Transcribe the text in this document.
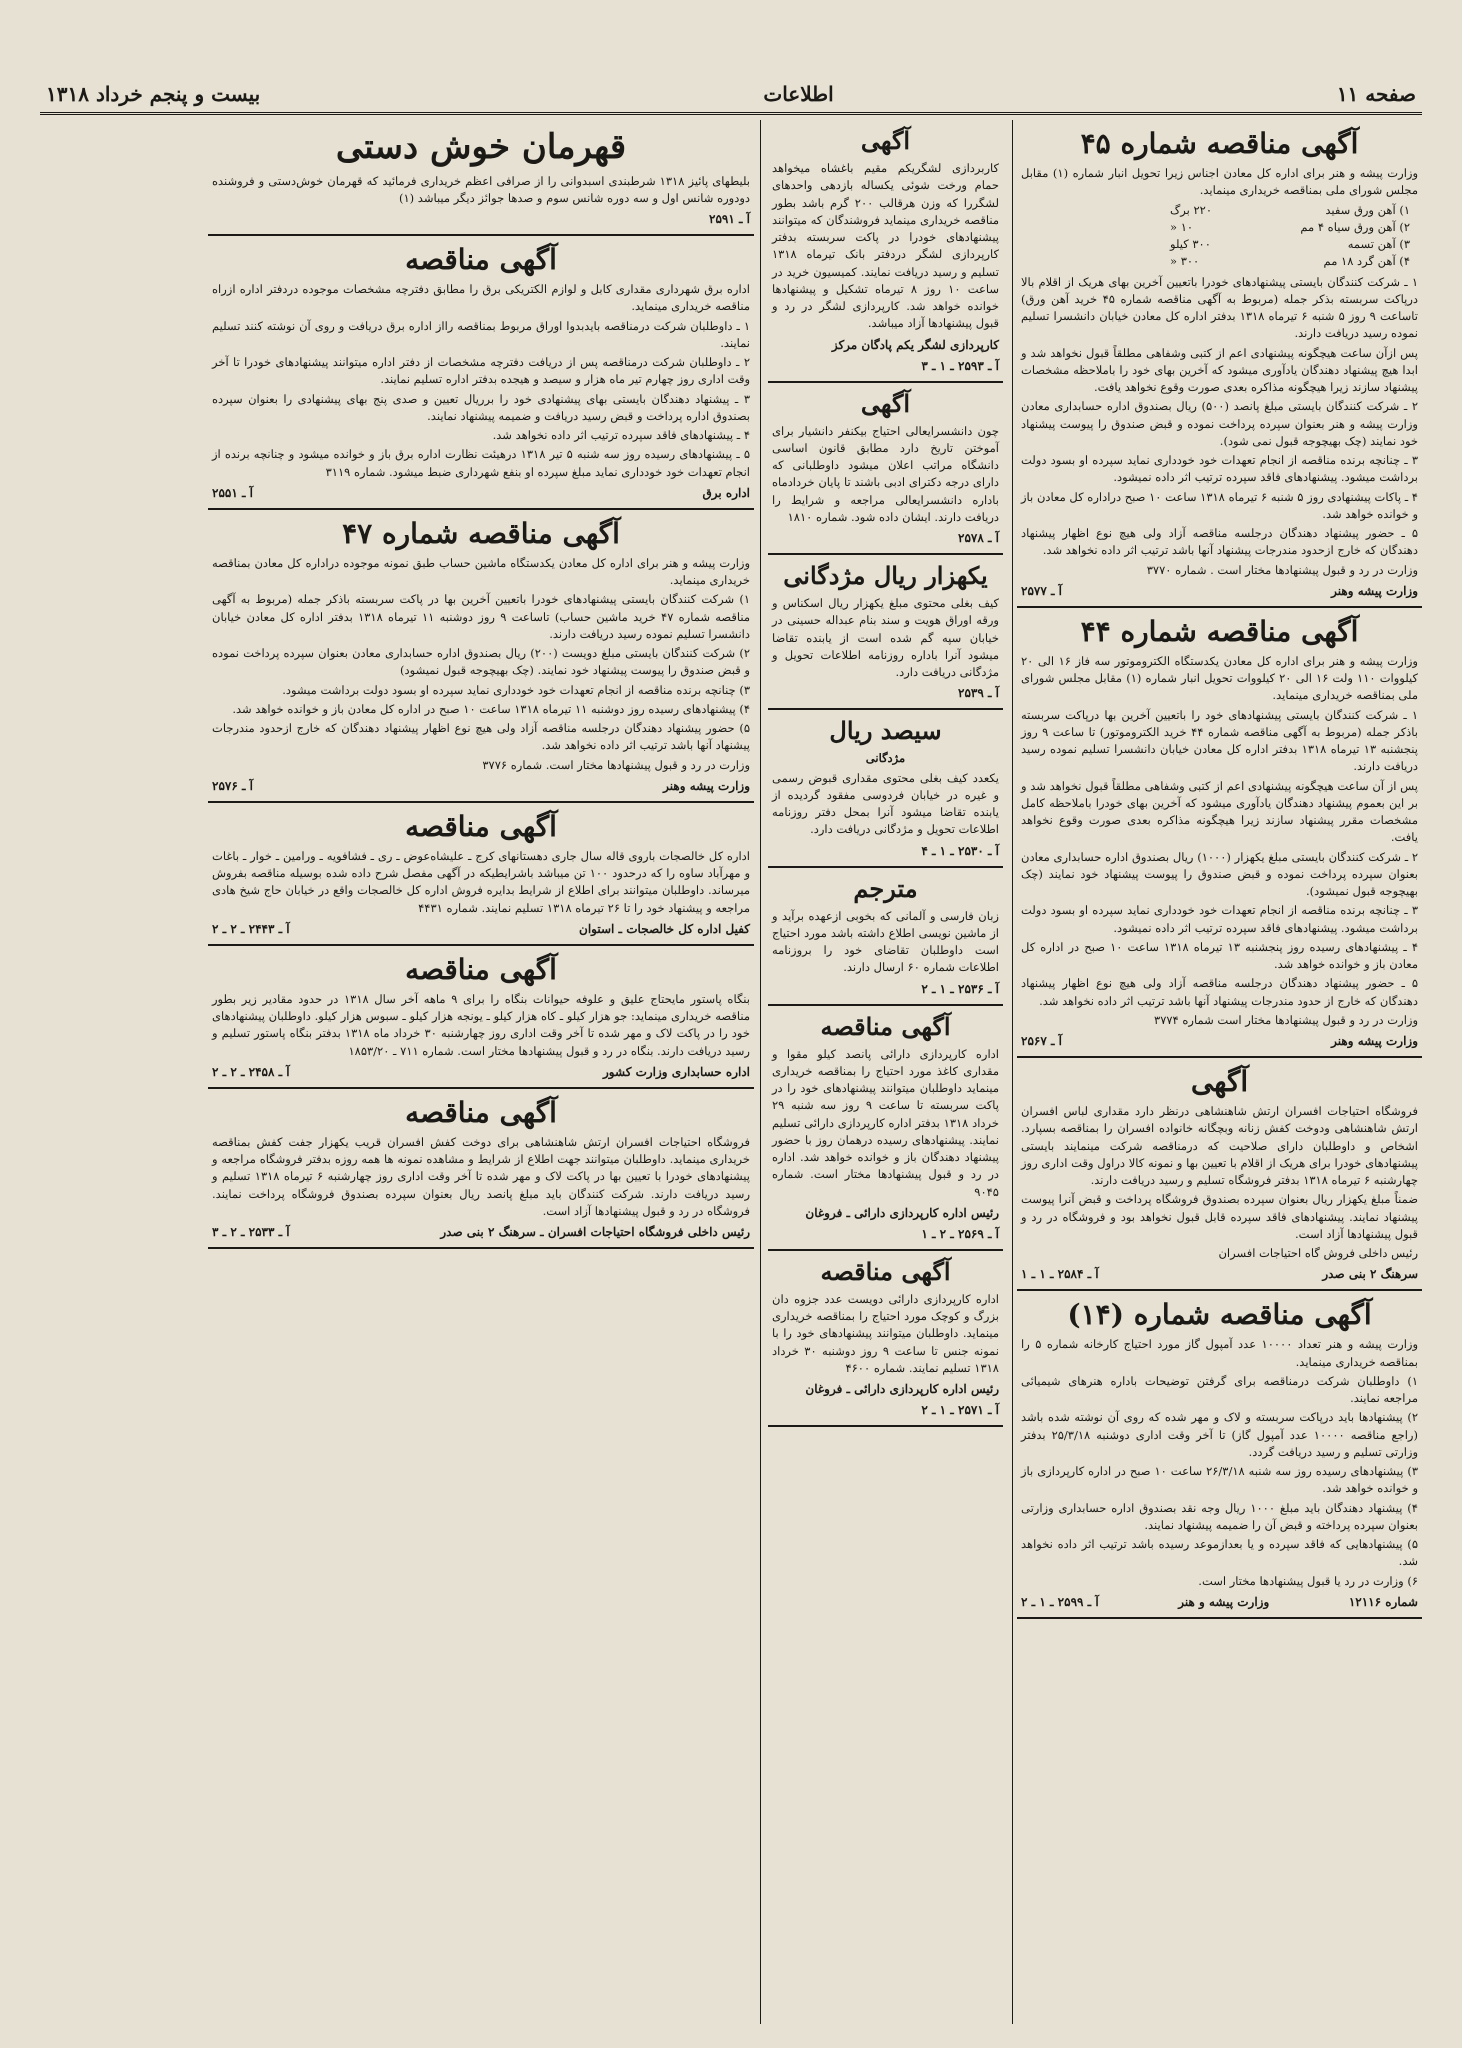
صفحه ۱۱
اطلاعات
بیست و پنجم خرداد ۱۳۱۸
آگهی مناقصه شماره ۴۵

وزارت پیشه و هنر برای اداره کل معادن اجناس زیرا تحویل انبار شماره (۱) مقابل مجلس شورای ملی بمناقصه خریداری مینماید.

۱) آهن ورق سفید
۲۲۰ برگ
۲) آهن ورق سیاه ۴ مم
۱۰ «
۳) آهن تسمه
۳۰۰ کیلو
۴) آهن گرد ۱۸ مم
۳۰۰ «

۱ ـ شرکت کنندگان بایستی پیشنهادهای خودرا باتعیین آخرین بهای هریک از اقلام بالا درپاکت سربسته بذکر جمله (مربوط به آگهی مناقصه شماره ۴۵ خرید آهن ورق) تاساعت ۹ روز ۵ شنبه ۶ تیرماه ۱۳۱۸ بدفتر اداره کل معادن خیابان دانشسرا تسلیم نموده رسید دریافت دارند.

پس ازآن ساعت هیچگونه پیشنهادی اعم از کتبی وشفاهی مطلقاً قبول نخواهد شد و ابدا هیچ پیشنهاد دهندگان یادآوری میشود که آخرین بهای خود را باملاحظه مشخصات پیشنهاد سازند زیرا هیچگونه مذاکره بعدی صورت وقوع نخواهد یافت.

۲ ـ شرکت کنندگان بایستی مبلغ پانصد (۵۰۰) ریال بصندوق اداره حسابداری معادن وزارت پیشه و هنر بعنوان سپرده پرداخت نموده و قبض صندوق را پیوست پیشنهاد خود نمایند (چک بهیچوجه قبول نمی شود).

۳ ـ چنانچه برنده مناقصه از انجام تعهدات خود خودداری نماید سپرده او بسود دولت برداشت میشود. پیشنهادهای فاقد سپرده ترتیب اثر داده نمیشود.

۴ ـ پاکات پیشنهادی روز ۵ شنبه ۶ تیرماه ۱۳۱۸ ساعت ۱۰ صبح دراداره کل معادن باز و خوانده خواهد شد.

۵ ـ حضور پیشنهاد دهندگان درجلسه مناقصه آزاد ولی هیچ نوع اظهار پیشنهاد دهندگان که خارج ازحدود مندرجات پیشنهاد آنها باشد ترتیب اثر داده نخواهد شد.

وزارت در رد و قبول پیشنهادها مختار است . شماره ۳۷۷۰

وزارت پیشه وهنر
آ ـ ۲۵۷۷
آگهی مناقصه شماره ۴۴

وزارت پیشه و هنر برای اداره کل معادن یکدستگاه الکتروموتور سه فاز ۱۶ الی ۲۰ کیلووات ۱۱۰ ولت ۱۶ الی ۲۰ کیلووات تحویل انبار شماره (۱) مقابل مجلس شورای ملی بمناقصه خریداری مینماید.

۱ ـ شرکت کنندگان بایستی پیشنهادهای خود را باتعیین آخرین بها درپاکت سربسته باذکر جمله (مربوط به آگهی مناقصه شماره ۴۴ خرید الکتروموتور) تا ساعت ۹ روز پنجشنبه ۱۳ تیرماه ۱۳۱۸ بدفتر اداره کل معادن خیابان دانشسرا تسلیم نموده رسید دریافت دارند.

پس از آن ساعت هیچگونه پیشنهادی اعم از کتبی وشفاهی مطلقاً قبول نخواهد شد و بر این بعموم پیشنهاد دهندگان یادآوری میشود که آخرین بهای خودرا باملاحظه کامل مشخصات مقرر پیشنهاد سازند زیرا هیچگونه مذاکره بعدی صورت وقوع نخواهد یافت.

۲ ـ شرکت کنندگان بایستی مبلغ یکهزار (۱۰۰۰) ریال بصندوق اداره حسابداری معادن بعنوان سپرده پرداخت نموده و قبض صندوق را پیوست پیشنهاد خود نمایند (چک بهیچوجه قبول نمیشود).

۳ ـ چنانچه برنده مناقصه از انجام تعهدات خود خودداری نماید سپرده او بسود دولت برداشت میشود. پیشنهادهای فاقد سپرده ترتیب اثر داده نمیشود.

۴ ـ پیشنهادهای رسیده روز پنجشنبه ۱۳ تیرماه ۱۳۱۸ ساعت ۱۰ صبح در اداره کل معادن باز و خوانده خواهد شد.

۵ ـ حضور پیشنهاد دهندگان درجلسه مناقصه آزاد ولی هیچ نوع اظهار پیشنهاد دهندگان که خارج از حدود مندرجات پیشنهاد آنها باشد ترتیب اثر داده نخواهد شد.

وزارت در رد و قبول پیشنهادها مختار است شماره ۳۷۷۴

وزارت پیشه وهنر
آ ـ ۲۵۶۷
آگهی

فروشگاه احتیاجات افسران ارتش شاهنشاهی درنظر دارد مقداری لباس افسران ارتش شاهنشاهی ودوخت کفش زنانه وبچگانه خانواده افسران را بمناقصه بسپارد. اشخاص و داوطلبان دارای صلاحیت که درمناقصه شرکت مینمایند بایستی پیشنهادهای خودرا برای هریک از اقلام با تعیین بها و نمونه کالا دراول وقت اداری روز چهارشنبه ۶ تیرماه ۱۳۱۸ بدفتر فروشگاه تسلیم و رسید دریافت دارند.

ضمناً مبلغ یکهزار ریال بعنوان سپرده بصندوق فروشگاه پرداخت و قبض آنرا پیوست پیشنهاد نمایند. پیشنهادهای فاقد سپرده قابل قبول نخواهد بود و فروشگاه در رد و قبول پیشنهادها آزاد است.

رئیس داخلی فروش گاه احتیاجات افسران

سرهنگ ۲ بنی صدر
آ ـ ۲۵۸۴ ـ ۱ ـ ۱
آگهی مناقصه شماره (۱۴)

وزارت پیشه و هنر تعداد ۱۰۰۰۰ عدد آمپول گاز مورد احتیاج کارخانه شماره ۵ را بمناقصه خریداری مینماید.

۱) داوطلبان شرکت درمناقصه برای گرفتن توضیحات باداره هنرهای شیمیائی مراجعه نمایند.

۲) پیشنهادها باید درپاکت سربسته و لاک و مهر شده که روی آن نوشته شده باشد (راجع مناقصه ۱۰۰۰۰ عدد آمپول گاز) تا آخر وقت اداری دوشنبه ۲۵/۳/۱۸ بدفتر وزارتی تسلیم و رسید دریافت گردد.

۳) پیشنهادهای رسیده روز سه شنبه ۲۶/۳/۱۸ ساعت ۱۰ صبح در اداره کارپردازی باز و خوانده خواهد شد.

۴) پیشنهاد دهندگان باید مبلغ ۱۰۰۰ ریال وجه نقد بصندوق اداره حسابداری وزارتی بعنوان سپرده پرداخته و قبض آن را ضمیمه پیشنهاد نمایند.

۵) پیشنهادهایی که فاقد سپرده و یا بعدازموعد رسیده باشد ترتیب اثر داده نخواهد شد.

۶) وزارت در رد یا قبول پیشنهادها مختار است.

شماره ۱۲۱۱۶
وزارت پیشه و هنر
آ ـ ۲۵۹۹ ـ ۱ ـ ۲
آگهی

کاربردازی لشگریکم مقیم باغشاه میخواهد حمام ورخت شوئی یکساله بازدهی واحدهای لشگررا که وزن هرقالب ۲۰۰ گرم باشد بطور مناقصه خریداری مینماید فروشندگان که میتوانند پیشنهادهای خودرا در پاکت سربسته بدفتر کارپردازی لشگر دردفتر بانک تیرماه ۱۳۱۸ تسلیم و رسید دریافت نمایند. کمیسیون خرید در ساعت ۱۰ روز ۸ تیرماه تشکیل و پیشنهادها خوانده خواهد شد. کارپردازی لشگر در رد و قبول پیشنهادها آزاد میباشد.

کارپردازی لشگر یکم پادگان مرکز
آ ـ ۲۵۹۳ ـ ۱ ـ ۳
آگهی

چون دانشسرایعالی احتیاج بیکنفر دانشیار برای آموختن تاریخ دارد مطابق قانون اساسی دانشگاه مراتب اعلان میشود داوطلبانی که دارای درجه دکترای ادبی باشند تا پایان خردادماه باداره دانشسرایعالی مراجعه و شرایط را دریافت دارند. ایشان داده شود. شماره ۱۸۱۰

آ ـ ۲۵۷۸
یکهزار ریال مژدگانی

کیف بغلی محتوی مبلغ یکهزار ریال اسکناس و ورقه اوراق هویت و سند بنام عبداله حسینی در خیابان سپه گم شده است از یابنده تقاضا میشود آنرا باداره روزنامه اطلاعات تحویل و مژدگانی دریافت دارد.

آ ـ ۲۵۳۹
سیصد ریال

مژدگانی

یکعدد کیف بغلی محتوی مقداری قبوض رسمی و غیره در خیابان فردوسی مفقود گردیده از یابنده تقاضا میشود آنرا بمحل دفتر روزنامه اطلاعات تحویل و مژدگانی دریافت دارد.

آ ـ ۲۵۳۰ ـ ۱ ـ ۴
مترجم

زبان فارسی و آلمانی که بخوبی ازعهده برآید و از ماشین نویسی اطلاع داشته باشد مورد احتیاج است داوطلبان تقاضای خود را بروزنامه اطلاعات شماره ۶۰ ارسال دارند.

آ ـ ۲۵۳۶ ـ ۱ ـ ۲
آگهی مناقصه

اداره کارپردازی دارائی پانصد کیلو مقوا و مقداری کاغذ مورد احتیاج را بمناقصه خریداری مینماید داوطلبان میتوانند پیشنهادهای خود را در پاکت سربسته تا ساعت ۹ روز سه شنبه ۲۹ خرداد ۱۳۱۸ بدفتر اداره کارپردازی دارائی تسلیم نمایند. پیشنهادهای رسیده درهمان روز با حضور پیشنهاد دهندگان باز و خوانده خواهد شد. اداره در رد و قبول پیشنهادها مختار است. شماره ۹۰۴۵

رئیس اداره کارپردازی دارائی ـ فروغان
آ ـ ۲۵۶۹ ـ ۲ ـ ۱
آگهی مناقصه

اداره کارپردازی دارائی دویست عدد جزوه دان بزرگ و کوچک مورد احتیاج را بمناقصه خریداری مینماید. داوطلبان میتوانند پیشنهادهای خود را با نمونه جنس تا ساعت ۹ روز دوشنبه ۳۰ خرداد ۱۳۱۸ تسلیم نمایند. شماره ۴۶۰۰

رئیس اداره کارپردازی دارائی ـ فروغان
آ ـ ۲۵۷۱ ـ ۱ ـ ۲
قهرمان خوش دستی

بلیطهای پائیز ۱۳۱۸ شرطبندی اسبدوانی را از صرافی اعظم خریداری فرمائید که قهرمان خوش‌دستی و فروشنده دودوره شانس اول و سه دوره شانس سوم و صدها جوائز دیگر میباشد (۱)

آ ـ ۲۵۹۱
آگهی مناقصه

اداره برق شهرداری مقداری کابل و لوازم الکتریکی برق را مطابق دفترچه مشخصات موجوده دردفتر اداره ازراه مناقصه خریداری مینماید.

۱ ـ داوطلبان شرکت درمناقصه بایدبدوا اوراق مربوط بمناقصه رااز اداره برق دریافت و روی آن نوشته کنند تسلیم نمایند.

۲ ـ داوطلبان شرکت درمناقصه پس از دریافت دفترچه مشخصات از دفتر اداره میتوانند پیشنهادهای خودرا تا آخر وقت اداری روز چهارم تیر ماه هزار و سیصد و هیجده بدفتر اداره تسلیم نمایند.

۳ ـ پیشنهاد دهندگان بایستی بهای پیشنهادی خود را برریال تعیین و صدی پنج بهای پیشنهادی را بعنوان سپرده بصندوق اداره پرداخت و قبض رسید دریافت و ضمیمه پیشنهاد نمایند.

۴ ـ پیشنهادهای فاقد سپرده ترتیب اثر داده نخواهد شد.

۵ ـ پیشنهادهای رسیده روز سه شنبه ۵ تیر ۱۳۱۸ درهیئت نظارت اداره برق باز و خوانده میشود و چنانچه برنده از انجام تعهدات خود خودداری نماید مبلغ سپرده او بنفع شهرداری ضبط میشود. شماره ۳۱۱۹

اداره برق
آ ـ ۲۵۵۱
آگهی مناقصه شماره ۴۷

وزارت پیشه و هنر برای اداره کل معادن یکدستگاه ماشین حساب طبق نمونه موجوده دراداره کل معادن بمناقصه خریداری مینماید.

۱) شرکت کنندگان بایستی پیشنهادهای خودرا باتعیین آخرین بها در پاکت سربسته باذکر جمله (مربوط به آگهی مناقصه شماره ۴۷ خرید ماشین حساب) تاساعت ۹ روز دوشنبه ۱۱ تیرماه ۱۳۱۸ بدفتر اداره کل معادن خیابان دانشسرا تسلیم نموده رسید دریافت دارند.

۲) شرکت کنندگان بایستی مبلغ دویست (۲۰۰) ریال بصندوق اداره حسابداری معادن بعنوان سپرده پرداخت نموده و قبض صندوق را پیوست پیشنهاد خود نمایند. (چک بهیچوجه قبول نمیشود)

۳) چنانچه برنده مناقصه از انجام تعهدات خود خودداری نماید سپرده او بسود دولت برداشت میشود.

۴) پیشنهادهای رسیده روز دوشنبه ۱۱ تیرماه ۱۳۱۸ ساعت ۱۰ صبح در اداره کل معادن باز و خوانده خواهد شد.

۵) حضور پیشنهاد دهندگان درجلسه مناقصه آزاد ولی هیچ نوع اظهار پیشنهاد دهندگان که خارج ازحدود مندرجات پیشنهاد آنها باشد ترتیب اثر داده نخواهد شد.

وزارت در رد و قبول پیشنهادها مختار است. شماره ۳۷۷۶

وزارت پیشه وهنر
آ ـ ۲۵۷۶
آگهی مناقصه

اداره کل خالصجات باروی قاله سال جاری دهستانهای کرج ـ علیشاه‌عوض ـ ری ـ فشافویه ـ ورامین ـ خوار ـ باغات و مهرآباد ساوه را که درحدود ۱۰۰ تن میباشد باشرایطیکه در آگهی مفصل شرح داده شده بوسیله مناقصه بفروش میرساند. داوطلبان میتوانند برای اطلاع از شرایط بدایره فروش اداره کل خالصجات واقع در خیابان حاج شیخ هادی مراجعه و پیشنهاد خود را تا ۲۶ تیرماه ۱۳۱۸ تسلیم نمایند. شماره ۴۴۳۱

کفیل اداره کل خالصجات ـ استوان
آ ـ ۲۴۴۳ ـ ۲ ـ ۲
آگهی مناقصه

بنگاه پاستور مایحتاج علیق و علوفه حیوانات بنگاه را برای ۹ ماهه آخر سال ۱۳۱۸ در حدود مقادیر زیر بطور مناقصه خریداری مینماید: جو هزار کیلو ـ کاه هزار کیلو ـ یونجه هزار کیلو ـ سبوس هزار کیلو. داوطلبان پیشنهادهای خود را در پاکت لاک و مهر شده تا آخر وقت اداری روز چهارشنبه ۳۰ خرداد ماه ۱۳۱۸ بدفتر بنگاه پاستور تسلیم و رسید دریافت دارند. بنگاه در رد و قبول پیشنهادها مختار است. شماره ۷۱۱ ـ ۱۸۵۳/۲۰

اداره حسابداری وزارت کشور
آ ـ ۲۴۵۸ ـ ۲ ـ ۲
آگهی مناقصه

فروشگاه احتیاجات افسران ارتش شاهنشاهی برای دوخت کفش افسران قریب یکهزار جفت کفش بمناقصه خریداری مینماید. داوطلبان میتوانند جهت اطلاع از شرایط و مشاهده نمونه ها همه روزه بدفتر فروشگاه مراجعه و پیشنهادهای خودرا با تعیین بها در پاکت لاک و مهر شده تا آخر وقت اداری روز چهارشنبه ۶ تیرماه ۱۳۱۸ تسلیم و رسید دریافت دارند. شرکت کنندگان باید مبلغ پانصد ریال بعنوان سپرده بصندوق فروشگاه پرداخت نمایند. فروشگاه در رد و قبول پیشنهادها آزاد است.

رئیس داخلی فروشگاه احتیاجات افسران ـ سرهنگ ۲ بنی صدر
آ ـ ۲۵۳۳ ـ ۲ ـ ۳
